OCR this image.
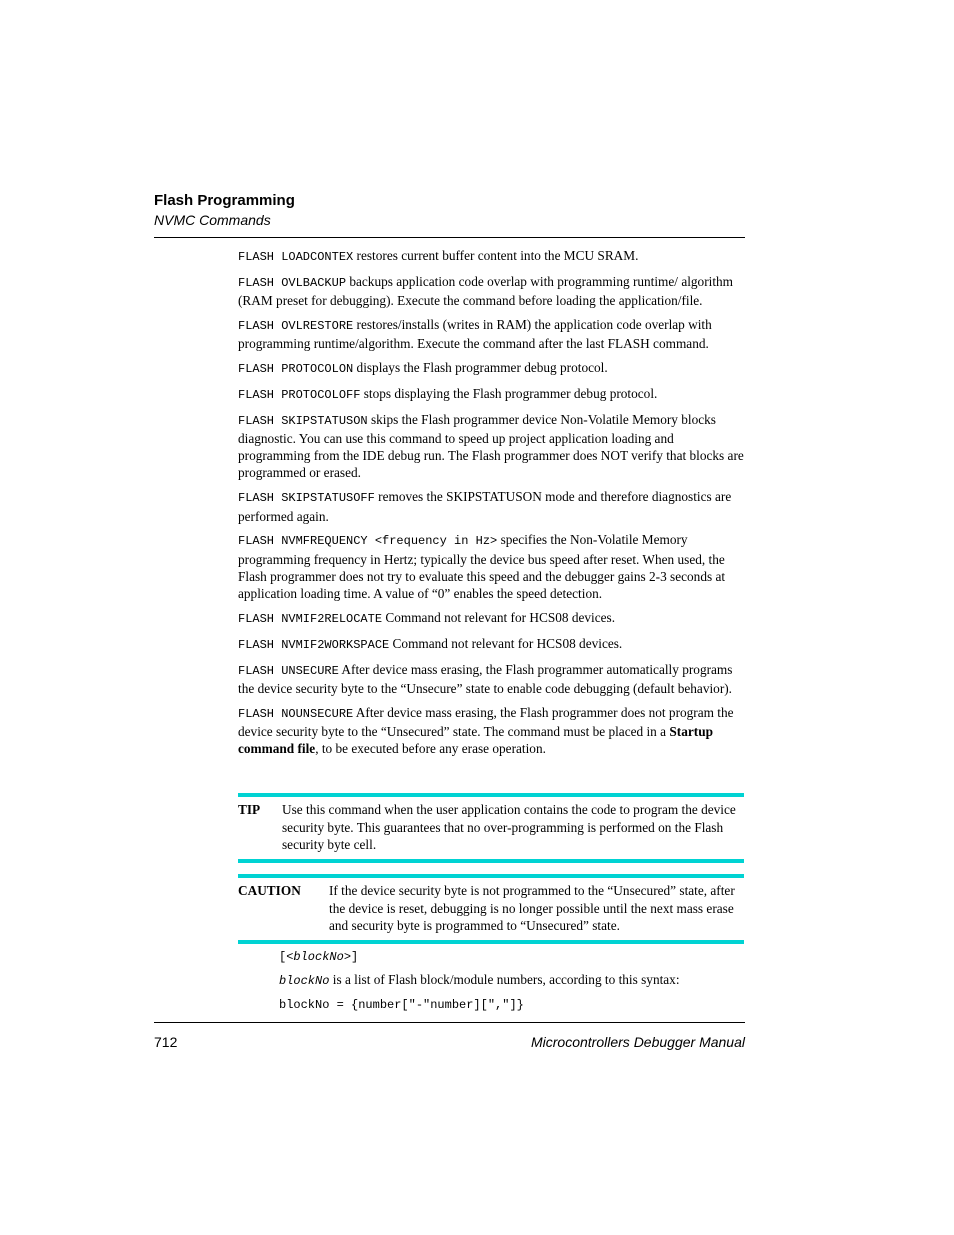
Flash Programming
NVMC Commands

FLASH LOADCONTEX restores current buffer content into the MCU SRAM.

FLASH OVLBACKUP backups application code overlap with programming runtime/ algorithm (RAM preset for debugging). Execute the command before loading the application/file.

FLASH OVLRESTORE restores/installs (writes in RAM) the application code overlap with programming runtime/algorithm. Execute the command after the last FLASH command.

FLASH PROTOCOLON displays the Flash programmer debug protocol.

FLASH PROTOCOLOFF stops displaying the Flash programmer debug protocol.

FLASH SKIPSTATUSON skips the Flash programmer device Non-Volatile Memory blocks diagnostic. You can use this command to speed up project application loading and programming from the IDE debug run. The Flash programmer does NOT verify that blocks are programmed or erased.

FLASH SKIPSTATUSOFF removes the SKIPSTATUSON mode and therefore diagnostics are performed again.

FLASH NVMFREQUENCY <frequency in Hz> specifies the Non-Volatile Memory programming frequency in Hertz; typically the device bus speed after reset. When used, the Flash programmer does not try to evaluate this speed and the debugger gains 2-3 seconds at application loading time. A value of “0” enables the speed detection.

FLASH NVMIF2RELOCATE Command not relevant for HCS08 devices.

FLASH NVMIF2WORKSPACE Command not relevant for HCS08 devices.

FLASH UNSECURE After device mass erasing, the Flash programmer automatically programs the device security byte to the “Unsecure” state to enable code debugging (default behavior).

FLASH NOUNSECURE After device mass erasing, the Flash programmer does not program the device security byte to the “Unsecured” state. The command must be placed in a Startup command file, to be executed before any erase operation.

TIP	Use this command when the user application contains the code to program the device security byte. This guarantees that no over-programming is performed on the Flash security byte cell.
CAUTION	If the device security byte is not programmed to the “Unsecured” state, after the device is reset, debugging is no longer possible until the next mass erase and security byte is programmed to “Unsecured” state.
[<blockNo>]
blockNo is a list of Flash block/module numbers, according to this syntax:
blockNo = {number["-"number][","]}
712	Microcontrollers Debugger Manual
